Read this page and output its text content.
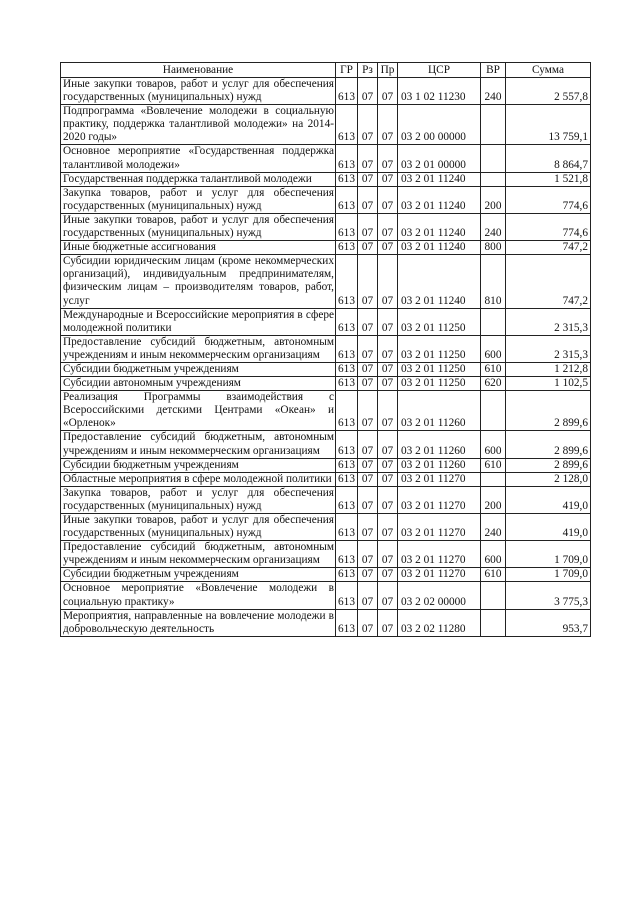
Наименование	ГР	Рз	Пр	ЦСР	ВР	Сумма
Иные закупки товаров, работ и услуг для обеспечения государственных (муниципальных) нужд	613	07	07	03 1 02 11230	240	2 557,8
Подпрограмма «Вовлечение молодежи в социальную практику, поддержка талантливой молодежи» на 2014-2020 годы»	613	07	07	03 2 00 00000		13 759,1
Основное мероприятие «Государственная поддержка талантливой молодежи»	613	07	07	03 2 01 00000		8 864,7
Государственная поддержка талантливой молодежи	613	07	07	03 2 01 11240		1 521,8
Закупка товаров, работ и услуг для обеспечения государственных (муниципальных) нужд	613	07	07	03 2 01 11240	200	774,6
Иные закупки товаров, работ и услуг для обеспечения государственных (муниципальных) нужд	613	07	07	03 2 01 11240	240	774,6
Иные бюджетные ассигнования	613	07	07	03 2 01 11240	800	747,2
Субсидии юридическим лицам (кроме некоммерческих организаций), индивидуальным предпринимателям, физическим лицам – производителям товаров, работ, услуг	613	07	07	03 2 01 11240	810	747,2
Международные и Всероссийские мероприятия в сфере молодежной политики	613	07	07	03 2 01 11250		2 315,3
Предоставление субсидий бюджетным, автономным учреждениям и иным некоммерческим организациям	613	07	07	03 2 01 11250	600	2 315,3
Субсидии бюджетным учреждениям	613	07	07	03 2 01 11250	610	1 212,8
Субсидии автономным учреждениям	613	07	07	03 2 01 11250	620	1 102,5
Реализация Программы взаимодействия с Всероссийскими детскими Центрами «Океан» и «Орленок»	613	07	07	03 2 01 11260		2 899,6
Предоставление субсидий бюджетным, автономным учреждениям и иным некоммерческим организациям	613	07	07	03 2 01 11260	600	2 899,6
Субсидии бюджетным учреждениям	613	07	07	03 2 01 11260	610	2 899,6
Областные мероприятия в сфере молодежной политики	613	07	07	03 2 01 11270		2 128,0
Закупка товаров, работ и услуг для обеспечения государственных (муниципальных) нужд	613	07	07	03 2 01 11270	200	419,0
Иные закупки товаров, работ и услуг для обеспечения государственных (муниципальных) нужд	613	07	07	03 2 01 11270	240	419,0
Предоставление субсидий бюджетным, автономным учреждениям и иным некоммерческим организациям	613	07	07	03 2 01 11270	600	1 709,0
Субсидии бюджетным учреждениям	613	07	07	03 2 01 11270	610	1 709,0
Основное мероприятие «Вовлечение молодежи в социальную практику»	613	07	07	03 2 02 00000		3 775,3
Мероприятия, направленные на вовлечение молодежи в добровольческую деятельность	613	07	07	03 2 02 11280		953,7
